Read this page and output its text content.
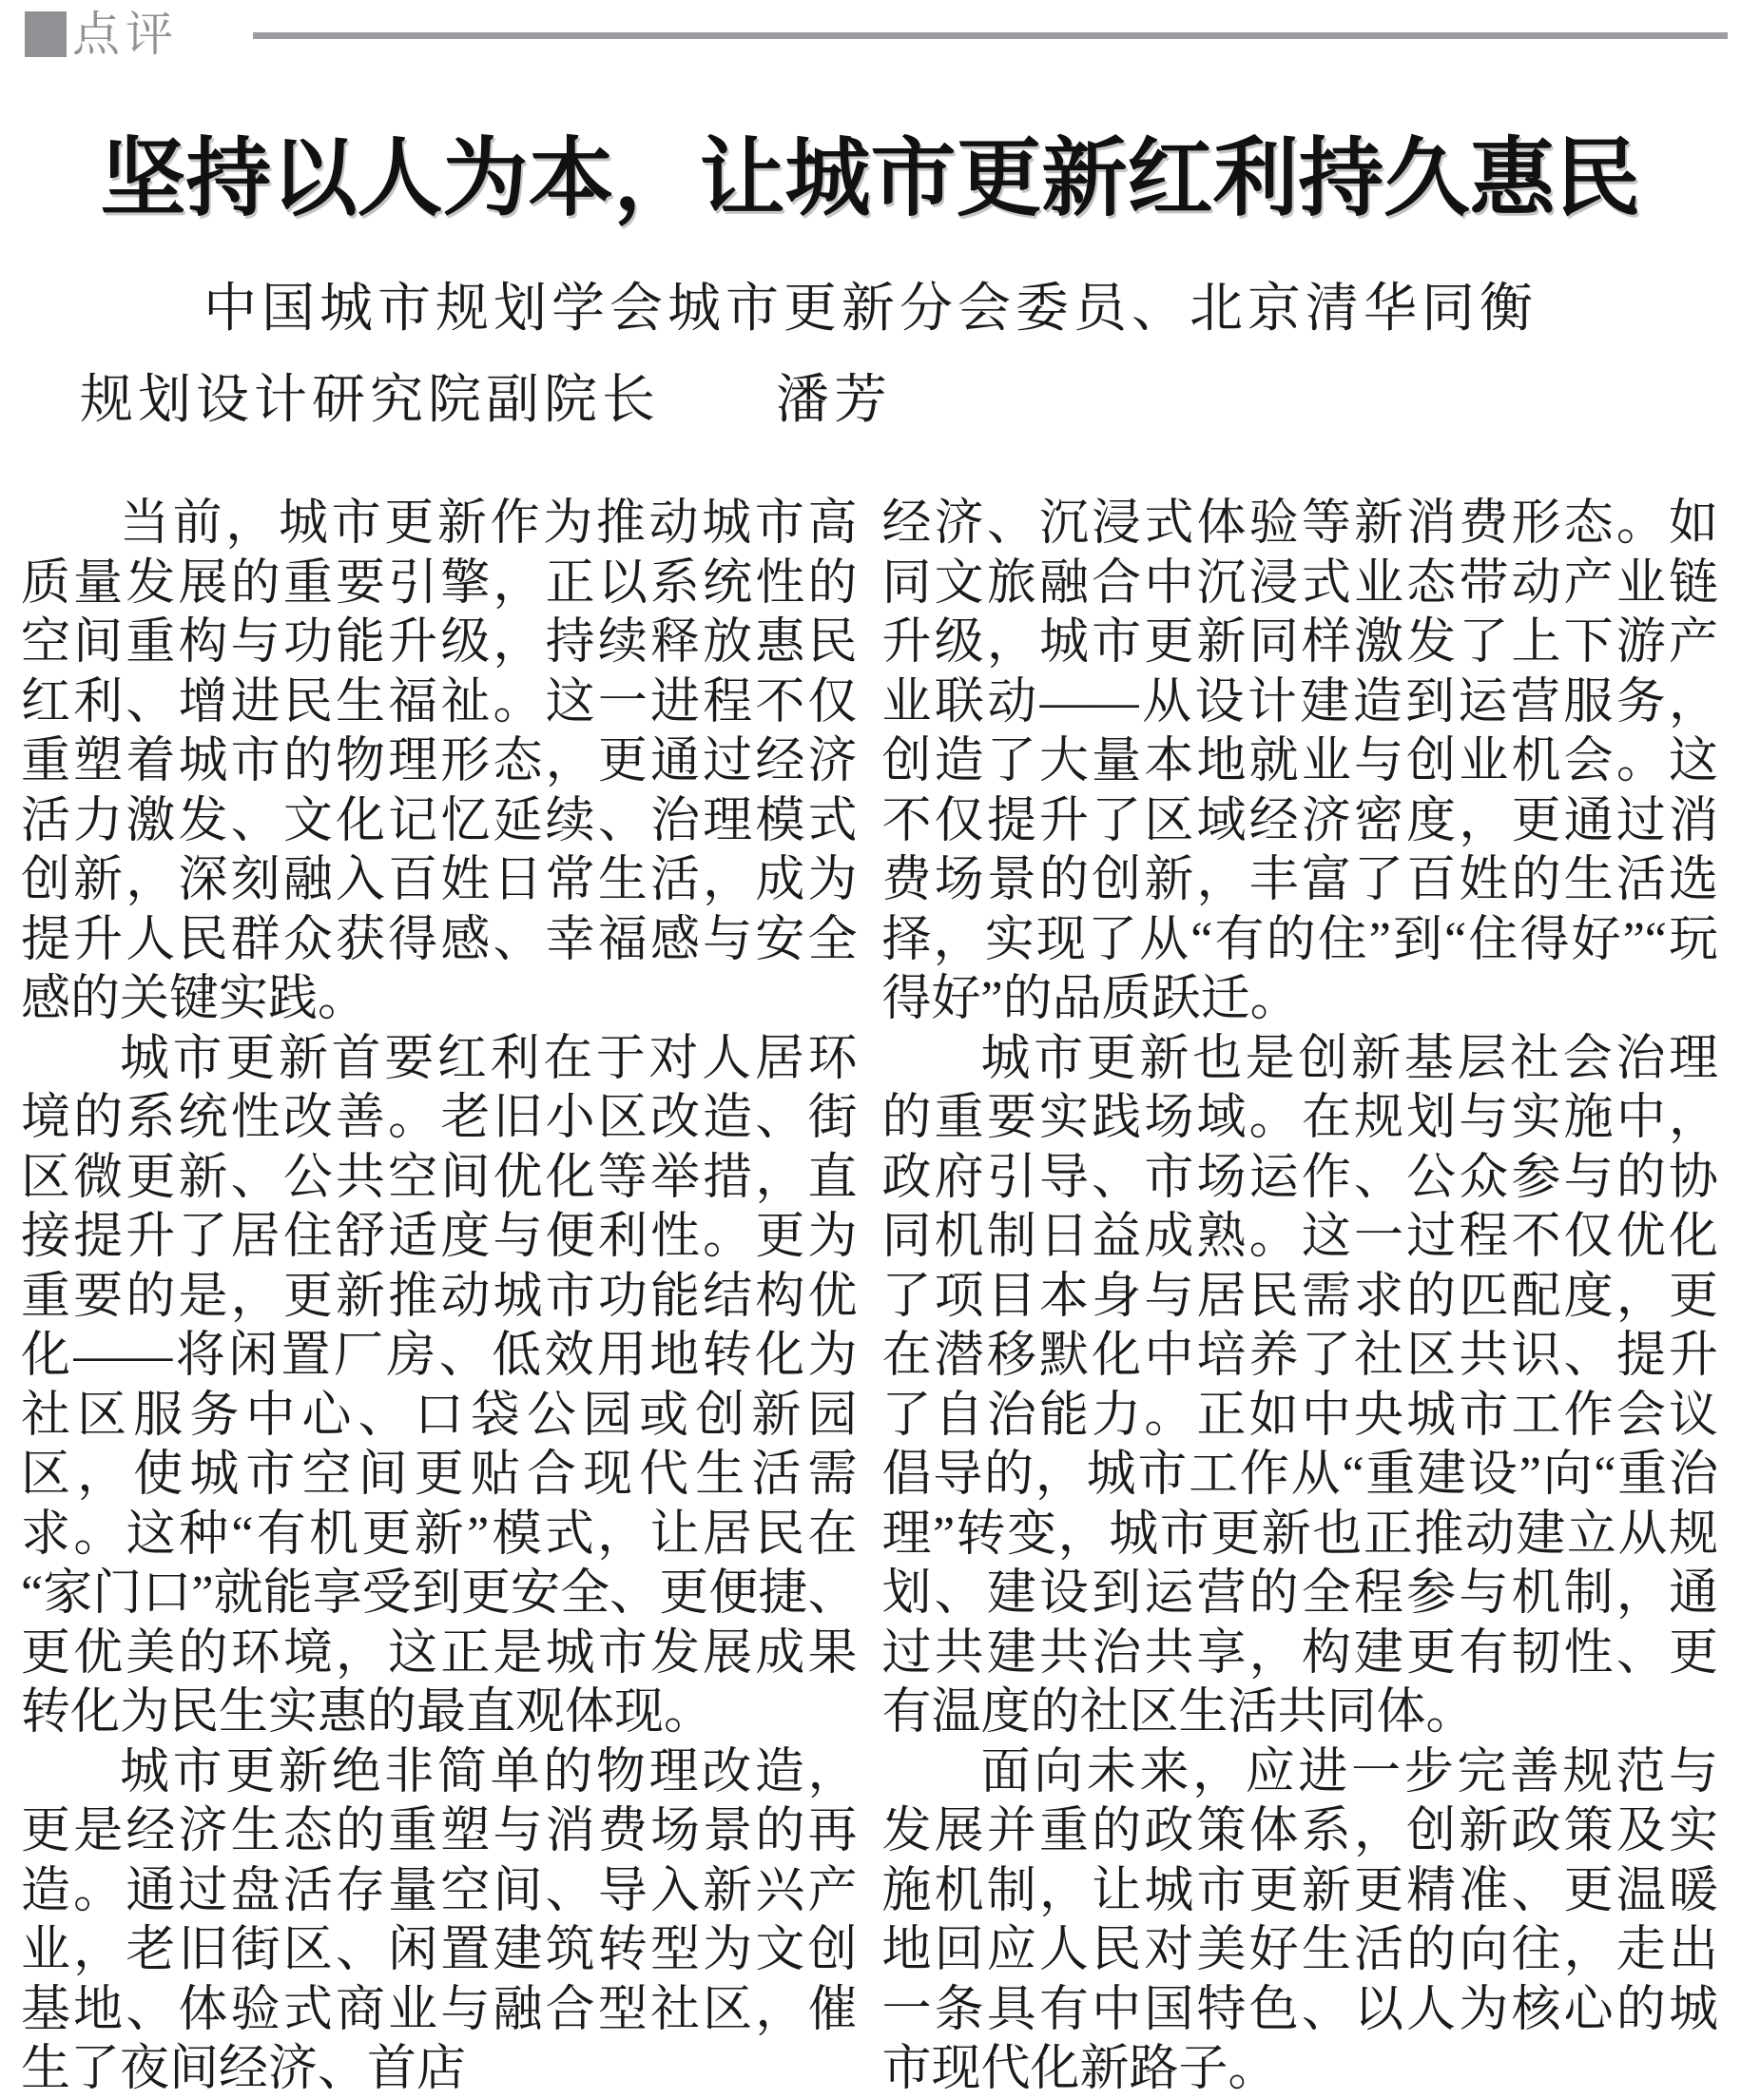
点评
坚持以人为本，让城市更新红利持久惠民
中国城市规划学会城市更新分会委员、北京清华同衡
规划设计研究院副院长　　潘芳

当前，城市更新作为推动城市高质量发展的重要引擎，正以系统性的空间重构与功能升级，持续释放惠民红利、增进民生福祉。这一进程不仅重塑着城市的物理形态，更通过经济活力激发、文化记忆延续、治理模式创新，深刻融入百姓日常生活，成为提升人民群众获得感、幸福感与安全感的关键实践。

城市更新首要红利在于对人居环境的系统性改善。老旧小区改造、街区微更新、公共空间优化等举措，直接提升了居住舒适度与便利性。更为重要的是，更新推动城市功能结构优化——将闲置厂房、低效用地转化为社区服务中心、口袋公园或创新园区，使城市空间更贴合现代生活需求。这种“有机更新”模式，让居民在“家门口”就能享受到更安全、更便捷、更优美的环境，这正是城市发展成果转化为民生实惠的最直观体现。

城市更新绝非简单的物理改造，更是经济生态的重塑与消费场景的再造。通过盘活存量空间、导入新兴产业，老旧街区、闲置建筑转型为文创基地、体验式商业与融合型社区，催生了夜间经济、首店

经济、沉浸式体验等新消费形态。如同文旅融合中沉浸式业态带动产业链升级，城市更新同样激发了上下游产业联动——从设计建造到运营服务，创造了大量本地就业与创业机会。这不仅提升了区域经济密度，更通过消费场景的创新，丰富了百姓的生活选择，实现了从“有的住”到“住得好”“玩得好”的品质跃迁。

城市更新也是创新基层社会治理的重要实践场域。在规划与实施中，政府引导、市场运作、公众参与的协同机制日益成熟。这一过程不仅优化了项目本身与居民需求的匹配度，更在潜移默化中培养了社区共识、提升了自治能力。正如中央城市工作会议倡导的，城市工作从“重建设”向“重治理”转变，城市更新也正推动建立从规划、建设到运营的全程参与机制，通过共建共治共享，构建更有韧性、更有温度的社区生活共同体。

面向未来，应进一步完善规范与发展并重的政策体系，创新政策及实施机制，让城市更新更精准、更温暖地回应人民对美好生活的向往，走出一条具有中国特色、以人为核心的城市现代化新路子。
